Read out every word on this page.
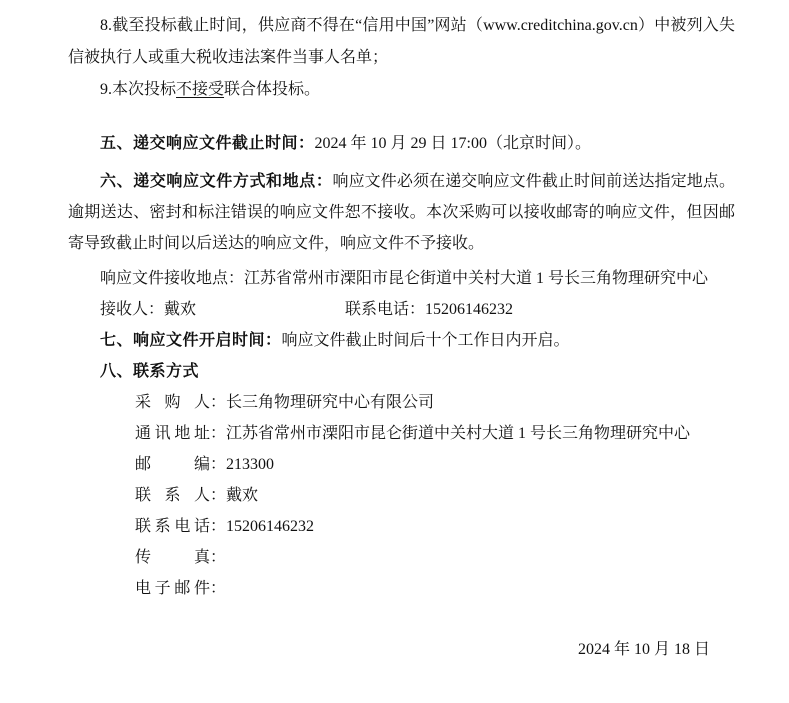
8.截至投标截止时间，供应商不得在“信用中国”网站（www.creditchina.gov.cn）中被列入失信被执行人或重大税收违法案件当事人名单；

9.本次投标不接受联合体投标。

五、递交响应文件截止时间：2024 年 10 月 29 日 17:00（北京时间）。

六、递交响应文件方式和地点：响应文件必须在递交响应文件截止时间前送达指定地点。逾期送达、密封和标注错误的响应文件恕不接收。本次采购可以接收邮寄的响应文件，但因邮寄导致截止时间以后送达的响应文件，响应文件不予接收。

响应文件接收地点：江苏省常州市溧阳市昆仑街道中关村大道 1 号长三角物理研究中心

接收人：戴欢	联系电话：15206146232

七、响应文件开启时间：响应文件截止时间后十个工作日内开启。

八、联系方式

采购人：长三角物理研究中心有限公司
通讯地址：江苏省常州市溧阳市昆仑街道中关村大道 1 号长三角物理研究中心
邮编：213300
联系人：戴欢
联系电话：15206146232
传真：
电子邮件：
2024 年 10 月 18 日
